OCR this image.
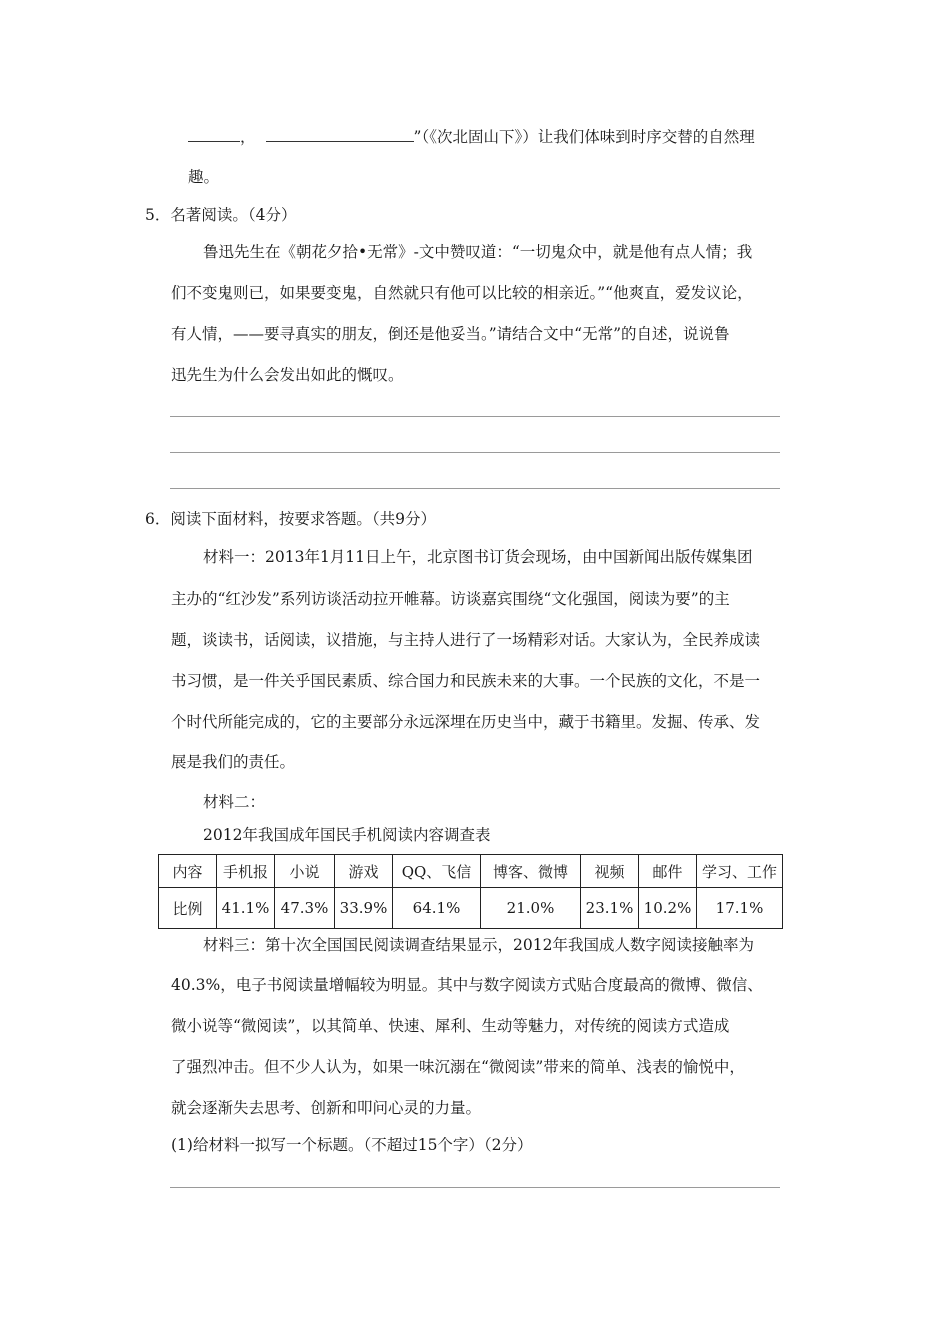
，	”（《次北固山下》）让我们体味到时序交替的自然理
趣。
5．名著阅读。（4分）
鲁迅先生在《朝花夕拾•无常》-文中赞叹道：“一切鬼众中，就是他有点人情；我
们不变鬼则已，如果要变鬼，自然就只有他可以比较的相亲近。”“他爽直，爱发议论，
有人情，——要寻真实的朋友，倒还是他妥当。”请结合文中“无常”的自述，说说鲁
迅先生为什么会发出如此的慨叹。
6．阅读下面材料，按要求答题。（共9分）
材料一：2013年1月11日上午，北京图书订货会现场，由中国新闻出版传媒集团
主办的“红沙发”系列访谈活动拉开帷幕。访谈嘉宾围绕“文化强国，阅读为要”的主
题，谈读书，话阅读，议措施，与主持人进行了一场精彩对话。大家认为，全民养成读
书习惯，是一件关乎国民素质、综合国力和民族未来的大事。一个民族的文化，不是一
个时代所能完成的，它的主要部分永远深埋在历史当中，藏于书籍里。发掘、传承、发
展是我们的责任。
材料二：
2012年我国成年国民手机阅读内容调查表
内容	手机报	小说	游戏	QQ、飞信	博客、微博	视频	邮件	学习、工作
比例	41.1%	47.3%	33.9%	64.1%	21.0%	23.1%	10.2%	17.1%
材料三：第十次全国国民阅读调查结果显示，2012年我国成人数字阅读接触率为
40.3%，电子书阅读量增幅较为明显。其中与数字阅读方式贴合度最高的微博、微信、
微小说等“微阅读”，以其简单、快速、犀利、生动等魅力，对传统的阅读方式造成
了强烈冲击。但不少人认为，如果一味沉溺在“微阅读”带来的简单、浅表的愉悦中，
就会逐渐失去思考、创新和叩问心灵的力量。
(1)给材料一拟写一个标题。（不超过15个字）（2分）
